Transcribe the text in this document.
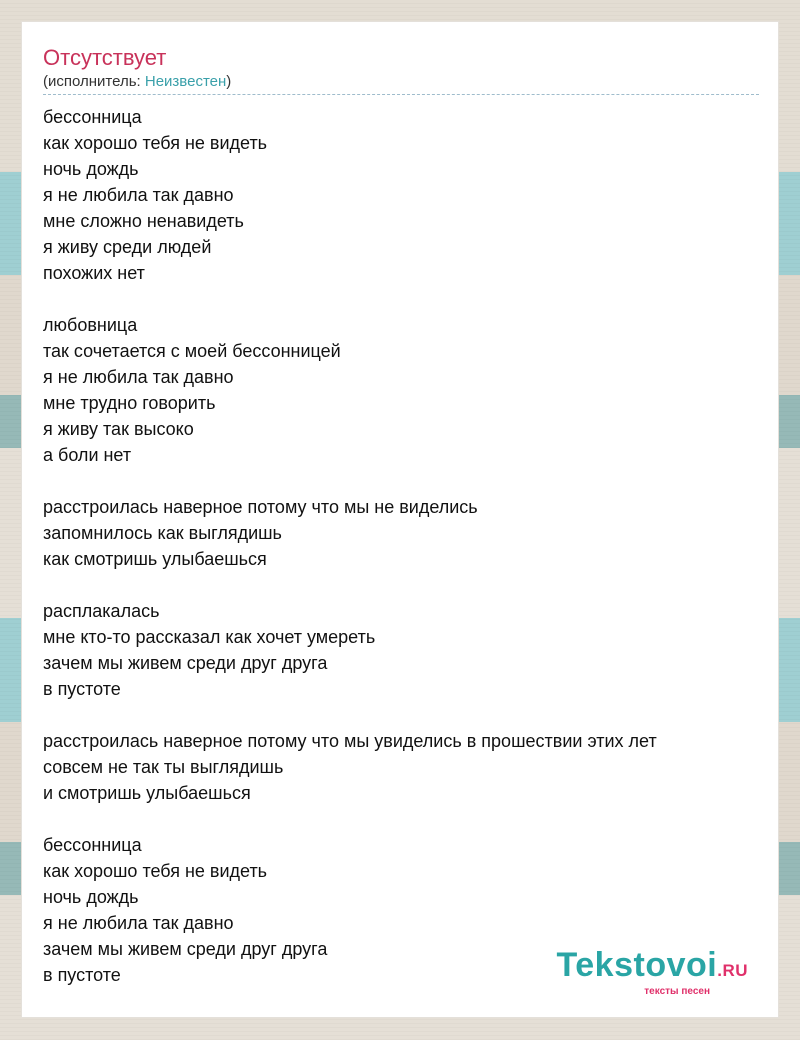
Отсутствует
(исполнитель: Неизвестен)
бессонница
как хорошо тебя не видеть
ночь дождь
я не любила так давно
мне сложно ненавидеть
я живу среди людей
похожих нет
любовница
так сочетается с моей бессонницей
я не любила так давно
мне трудно говорить
я живу так высоко
а боли нет
расстроилась наверное потому что мы не виделись
запомнилось как выглядишь
как смотришь улыбаешься
расплакалась
мне кто-то рассказал как хочет умереть
зачем мы живем среди друг друга
в пустоте
расстроилась наверное потому что мы увиделись в прошествии этих лет
совсем не так ты выглядишь
и смотришь улыбаешься
бессонница
как хорошо тебя не видеть
ночь дождь
я не любила так давно
зачем мы живем среди друг друга
в пустоте	Tekstovoi.RU
тексты песен
